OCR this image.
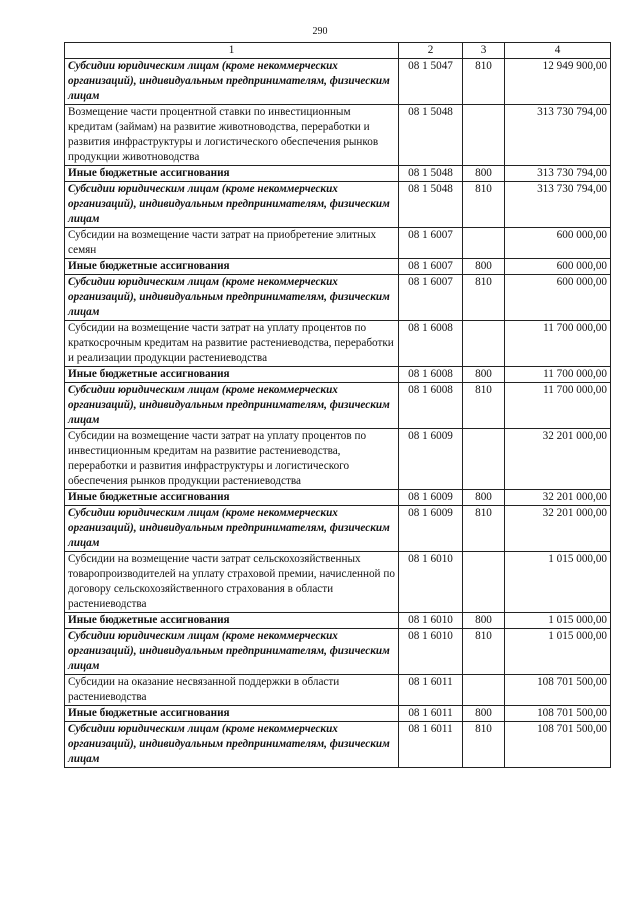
290
1	2	3	4
Субсидии юридическим лицам (кроме некоммерческих организаций), индивидуальным предпринимателям, физическим лицам	08 1 5047	810	12 949 900,00
Возмещение части процентной ставки по инвестиционным кредитам (займам) на развитие животноводства, переработки и развития инфраструктуры и логистического обеспечения рынков продукции животноводства	08 1 5048		313 730 794,00
Иные бюджетные ассигнования	08 1 5048	800	313 730 794,00
Субсидии юридическим лицам (кроме некоммерческих организаций), индивидуальным предпринимателям, физическим лицам	08 1 5048	810	313 730 794,00
Субсидии на возмещение части затрат на приобретение элитных семян	08 1 6007		600 000,00
Иные бюджетные ассигнования	08 1 6007	800	600 000,00
Субсидии юридическим лицам (кроме некоммерческих организаций), индивидуальным предпринимателям, физическим лицам	08 1 6007	810	600 000,00
Субсидии на возмещение части затрат на уплату процентов по краткосрочным кредитам на развитие растениеводства, переработки и реализации продукции растениеводства	08 1 6008		11 700 000,00
Иные бюджетные ассигнования	08 1 6008	800	11 700 000,00
Субсидии юридическим лицам (кроме некоммерческих организаций), индивидуальным предпринимателям, физическим лицам	08 1 6008	810	11 700 000,00
Субсидии на возмещение части затрат на уплату процентов по инвестиционным кредитам на развитие растениеводства, переработки и развития инфраструктуры и логистического обеспечения рынков продукции растениеводства	08 1 6009		32 201 000,00
Иные бюджетные ассигнования	08 1 6009	800	32 201 000,00
Субсидии юридическим лицам (кроме некоммерческих организаций), индивидуальным предпринимателям, физическим лицам	08 1 6009	810	32 201 000,00
Субсидии на возмещение части затрат сельскохозяйственных товаропроизводителей на уплату страховой премии, начисленной по договору сельскохозяйственного страхования в области растениеводства	08 1 6010		1 015 000,00
Иные бюджетные ассигнования	08 1 6010	800	1 015 000,00
Субсидии юридическим лицам (кроме некоммерческих организаций), индивидуальным предпринимателям, физическим лицам	08 1 6010	810	1 015 000,00
Субсидии на оказание несвязанной поддержки в области растениеводства	08 1 6011		108 701 500,00
Иные бюджетные ассигнования	08 1 6011	800	108 701 500,00
Субсидии юридическим лицам (кроме некоммерческих организаций), индивидуальным предпринимателям, физическим лицам	08 1 6011	810	108 701 500,00
